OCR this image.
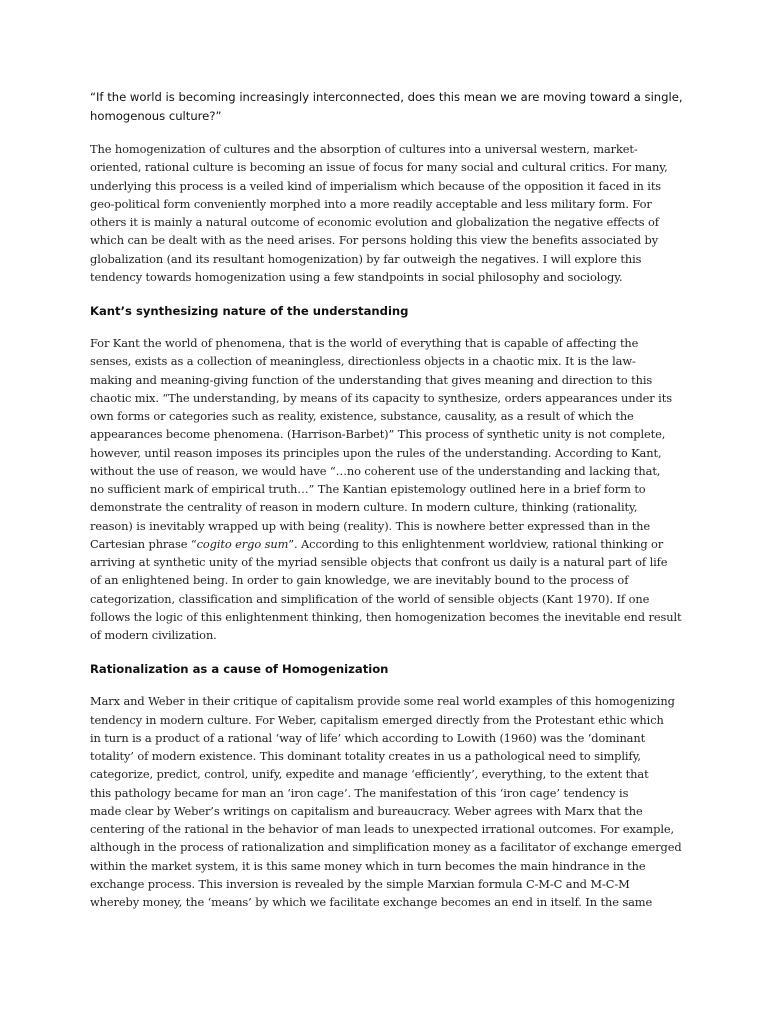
“If the world is becoming increasingly interconnected, does this mean we are moving toward a single,
homogenous culture?”

The homogenization of cultures and the absorption of cultures into a universal western, market-
oriented, rational culture is becoming an issue of focus for many social and cultural critics. For many,
underlying this process is a veiled kind of imperialism which because of the opposition it faced in its
geo-political form conveniently morphed into a more readily acceptable and less military form. For
others it is mainly a natural outcome of economic evolution and globalization the negative effects of
which can be dealt with as the need arises. For persons holding this view the benefits associated by
globalization (and its resultant homogenization) by far outweigh the negatives. I will explore this
tendency towards homogenization using a few standpoints in social philosophy and sociology.

Kant’s synthesizing nature of the understanding

For Kant the world of phenomena, that is the world of everything that is capable of affecting the
senses, exists as a collection of meaningless, directionless objects in a chaotic mix. It is the law-
making and meaning-giving function of the understanding that gives meaning and direction to this
chaotic mix. “The understanding, by means of its capacity to synthesize, orders appearances under its
own forms or categories such as reality, existence, substance, causality, as a result of which the
appearances become phenomena. (Harrison-Barbet)” This process of synthetic unity is not complete,
however, until reason imposes its principles upon the rules of the understanding. According to Kant,
without the use of reason, we would have “…no coherent use of the understanding and lacking that,
no sufficient mark of empirical truth…” The Kantian epistemology outlined here in a brief form to
demonstrate the centrality of reason in modern culture. In modern culture, thinking (rationality,
reason) is inevitably wrapped up with being (reality). This is nowhere better expressed than in the
Cartesian phrase “cogito ergo sum”. According to this enlightenment worldview, rational thinking or
arriving at synthetic unity of the myriad sensible objects that confront us daily is a natural part of life
of an enlightened being. In order to gain knowledge, we are inevitably bound to the process of
categorization, classification and simplification of the world of sensible objects (Kant 1970). If one
follows the logic of this enlightenment thinking, then homogenization becomes the inevitable end result
of modern civilization.

Rationalization as a cause of Homogenization

Marx and Weber in their critique of capitalism provide some real world examples of this homogenizing
tendency in modern culture. For Weber, capitalism emerged directly from the Protestant ethic which
in turn is a product of a rational ‘way of life’ which according to Lowith (1960) was the ‘dominant
totality’ of modern existence. This dominant totality creates in us a pathological need to simplify,
categorize, predict, control, unify, expedite and manage ‘efficiently’, everything, to the extent that
this pathology became for man an ‘iron cage’. The manifestation of this ‘iron cage’ tendency is
made clear by Weber’s writings on capitalism and bureaucracy. Weber agrees with Marx that the
centering of the rational in the behavior of man leads to unexpected irrational outcomes. For example,
although in the process of rationalization and simplification money as a facilitator of exchange emerged
within the market system, it is this same money which in turn becomes the main hindrance in the
exchange process. This inversion is revealed by the simple Marxian formula C-M-C and M-C-M
whereby money, the ‘means’ by which we facilitate exchange becomes an end in itself. In the same
